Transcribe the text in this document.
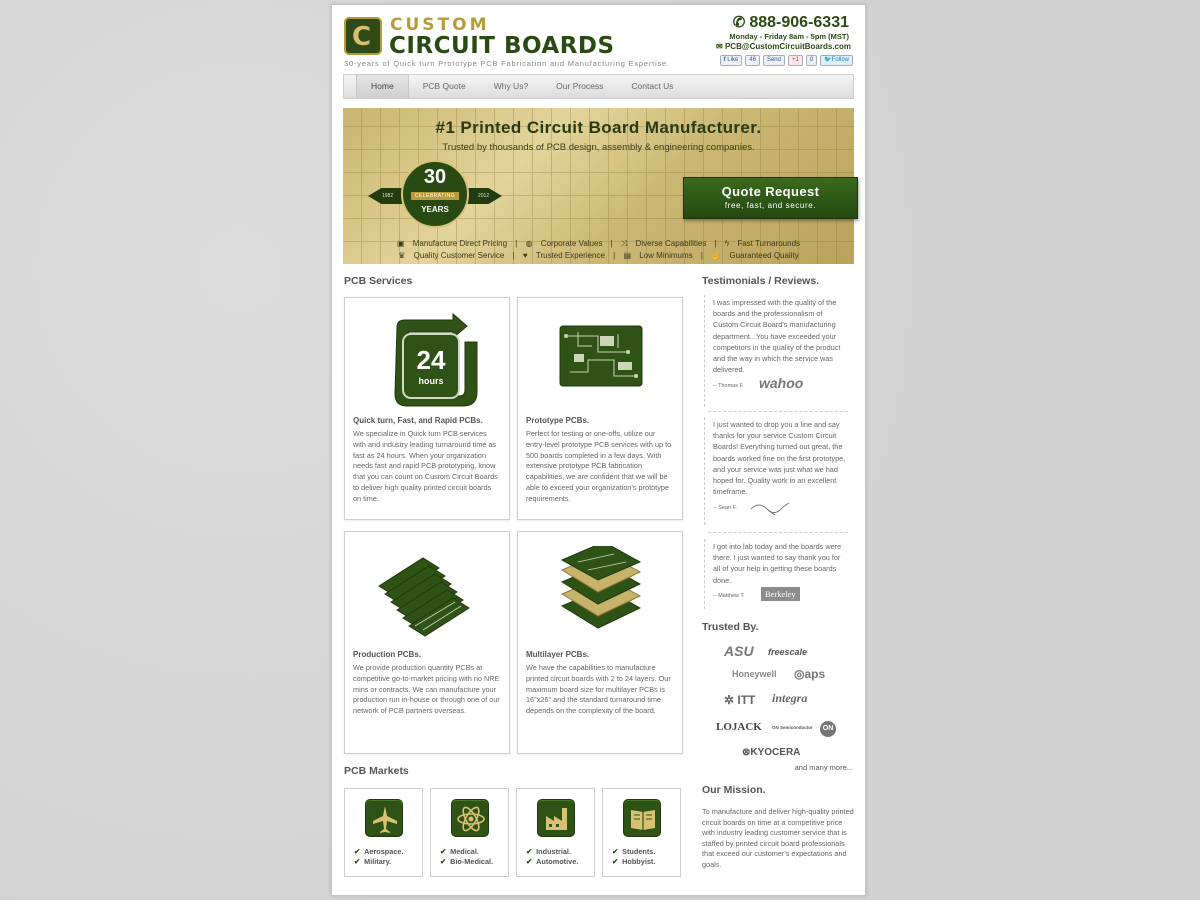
C CUSTOM
CIRCUIT BOARDS
30-years of Quick turn Prototype PCB Fabrication and Manufacturing Expertise.
✆ 888-906-6331
Monday - Friday 8am - 5pm (MST)
✉ PCB@CustomCircuitBoards.com
f Like	46	Send	+1	0	🐦Follow
Home	PCB Quote	Why Us?	Our Process	Contact Us
#1 Printed Circuit Board Manufacturer.
Trusted by thousands of PCB design, assembly & engineering companies.
30
CELEBRATING
YEARS
1982	2012	Quote Request
free, fast, and secure.
▣ Manufacture Direct Pricing | ◍ Corporate Values | ⤨ Diverse Capabilities | ϟ Fast Turnarounds
♛ Quality Customer Service | ♥ Trusted Experience | ▤ Low Minimums | ☝ Guaranteed Quality
PCB Services
24
hours
Quick turn, Fast, and Rapid PCBs.
We specialize in Quick turn PCB services with and industry leading turnaround time as fast as 24 hours. When your organization needs fast and rapid PCB prototyping, know that you can count on Custom Circuit Boards to deliver high quality printed circuit boards on time.
Prototype PCBs.
Perfect for testing or one-offs, utilize our entry-level prototype PCB services with up to 500 boards completed in a few days. With extensive prototype PCB fabrication capabilities, we are confident that we will be able to exceed your organization's prototype requirements.
Production PCBs.
We provide production quantity PCBs at competitive go-to-market pricing with no NRE mins or contracts. We can manufacture your production run in-house or through one of our network of PCB partners overseas.
Multilayer PCBs.
We have the capabilities to manufacture printed circuit boards with 2 to 24 layers. Our maximum board size for multilayer PCBs is 16"x26" and the standard turnaround time depends on the complexity of the board.
PCB Markets
✔ Aerospace.
✔ Military.
✔ Medical.
✔ Bio-Medical.
✔ Industrial.
✔ Automotive.
✔ Students.
✔ Hobbyist.
Testimonials / Reviews.
I was impressed with the quality of the boards and the professionalism of Custom Circuit Board's manufacturing department...You have exceeded your competitors in the quality of the product and the way in which the service was delivered.
-- Thomas F. wahoo
I just wanted to drop you a line and say thanks for your service Custom Circuit Boards! Everything turned out great, the boards worked fine on the first prototype, and your service was just what we had hoped for. Quality work in an excellent timeframe.
-- Sean F.
I got into lab today and the boards were there. I just wanted to say thank you for all of your help in getting these boards done.
-- Matthew T.	Berkeley
Trusted By.
ASU freescale
Honeywell ◎aps
✲ ITT integra
LOJACK ON Semiconductor	ON
⊗KYOCERA
and many more...
Our Mission.
To manufacture and deliver high-quality printed circuit boards on time at a competitive price with industry leading customer service that is staffed by printed circuit board professionals that exceed our customer's expectations and goals.
